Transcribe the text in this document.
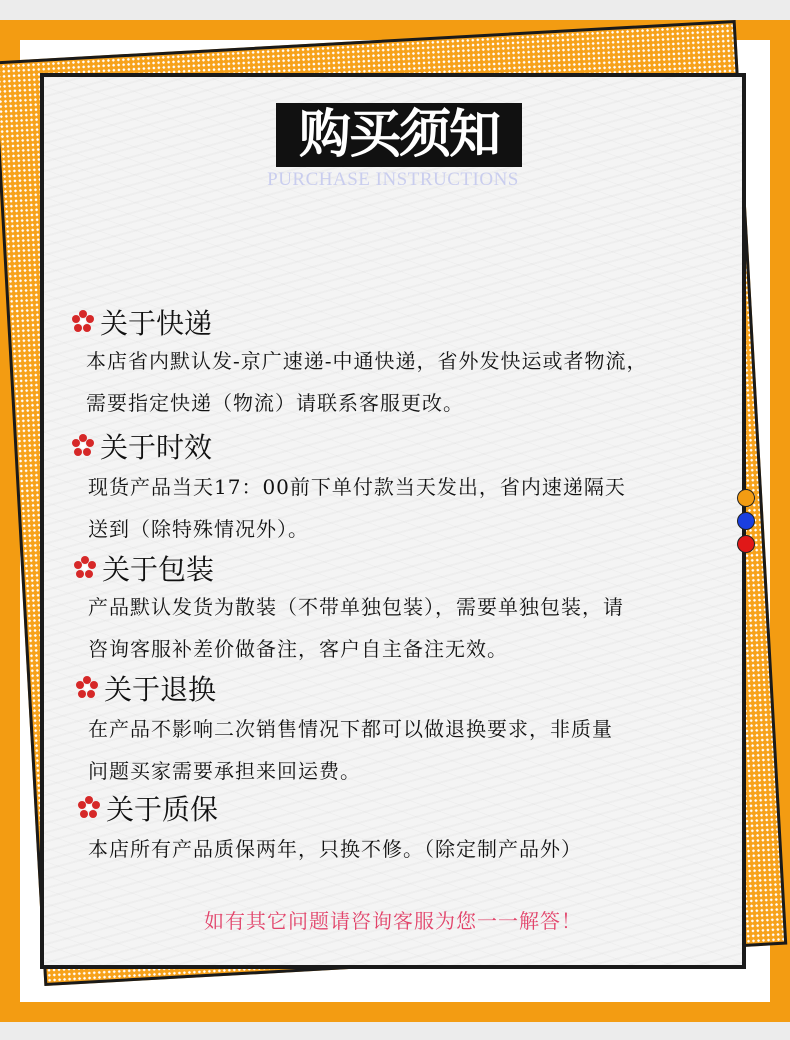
购买须知
PURCHASE INSTRUCTIONS
关于快递
本店省内默认发-京广速递-中通快递，省外发快运或者物流，
需要指定快递（物流）请联系客服更改。
关于时效
现货产品当天17：00前下单付款当天发出，省内速递隔天
送到（除特殊情况外）。
关于包装
产品默认发货为散装（不带单独包装），需要单独包装，请
咨询客服补差价做备注，客户自主备注无效。
关于退换
在产品不影响二次销售情况下都可以做退换要求，非质量
问题买家需要承担来回运费。
关于质保
本店所有产品质保两年，只换不修。（除定制产品外）
如有其它问题请咨询客服为您一一解答！
